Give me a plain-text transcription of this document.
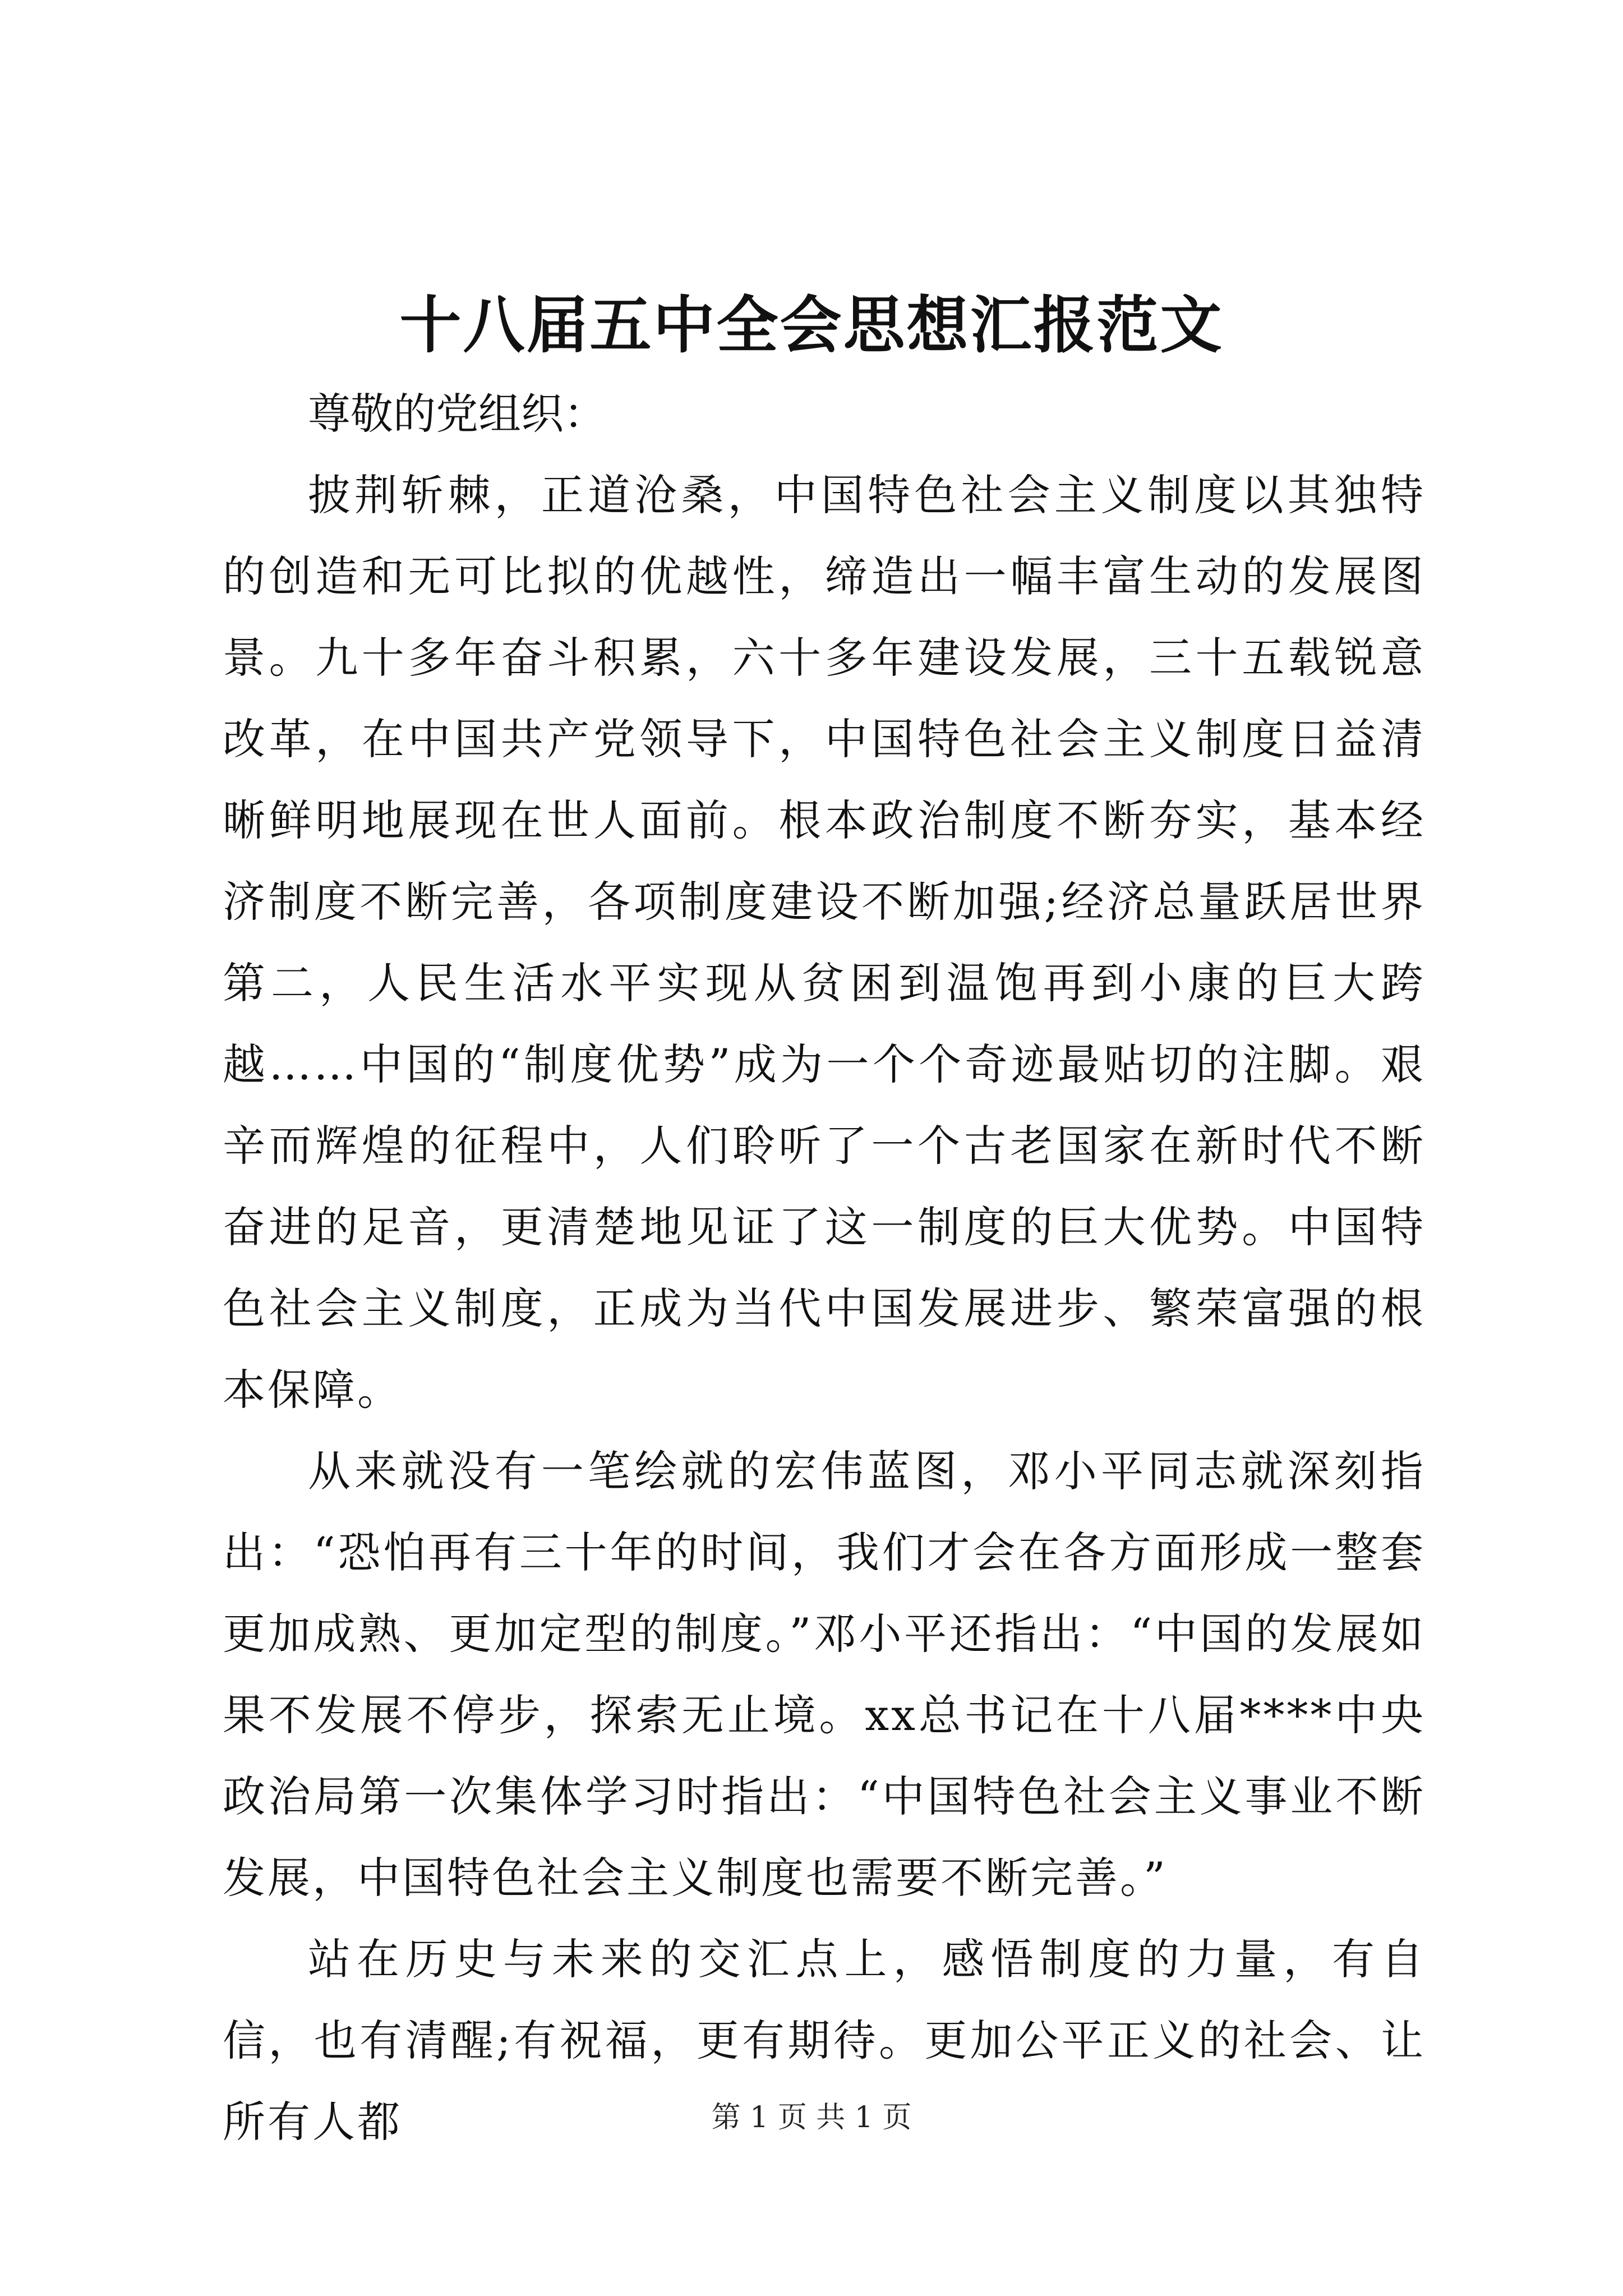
十八届五中全会思想汇报范文

尊敬的党组织：

披荆斩棘，正道沧桑，中国特色社会主义制度以其独特的创造和无可比拟的优越性，缔造出一幅丰富生动的发展图景。九十多年奋斗积累，六十多年建设发展，三十五载锐意改革，在中国共产党领导下，中国特色社会主义制度日益清晰鲜明地展现在世人面前。根本政治制度不断夯实，基本经济制度不断完善，各项制度建设不断加强;经济总量跃居世界第二，人民生活水平实现从贫困到温饱再到小康的巨大跨越……中国的“制度优势”成为一个个奇迹最贴切的注脚。艰辛而辉煌的征程中，人们聆听了一个古老国家在新时代不断奋进的足音，更清楚地见证了这一制度的巨大优势。中国特色社会主义制度，正成为当代中国发展进步、繁荣富强的根本保障。

从来就没有一笔绘就的宏伟蓝图，邓小平同志就深刻指出：“恐怕再有三十年的时间，我们才会在各方面形成一整套更加成熟、更加定型的制度。”邓小平还指出：“中国的发展如果不发展不停步，探索无止境。xx总书记在十八届****中央政治局第一次集体学习时指出：“中国特色社会主义事业不断发展，中国特色社会主义制度也需要不断完善。”

站在历史与未来的交汇点上，感悟制度的力量，有自信，也有清醒;有祝福，更有期待。更加公平正义的社会、让所有人都	第 1 页 共 1 页
